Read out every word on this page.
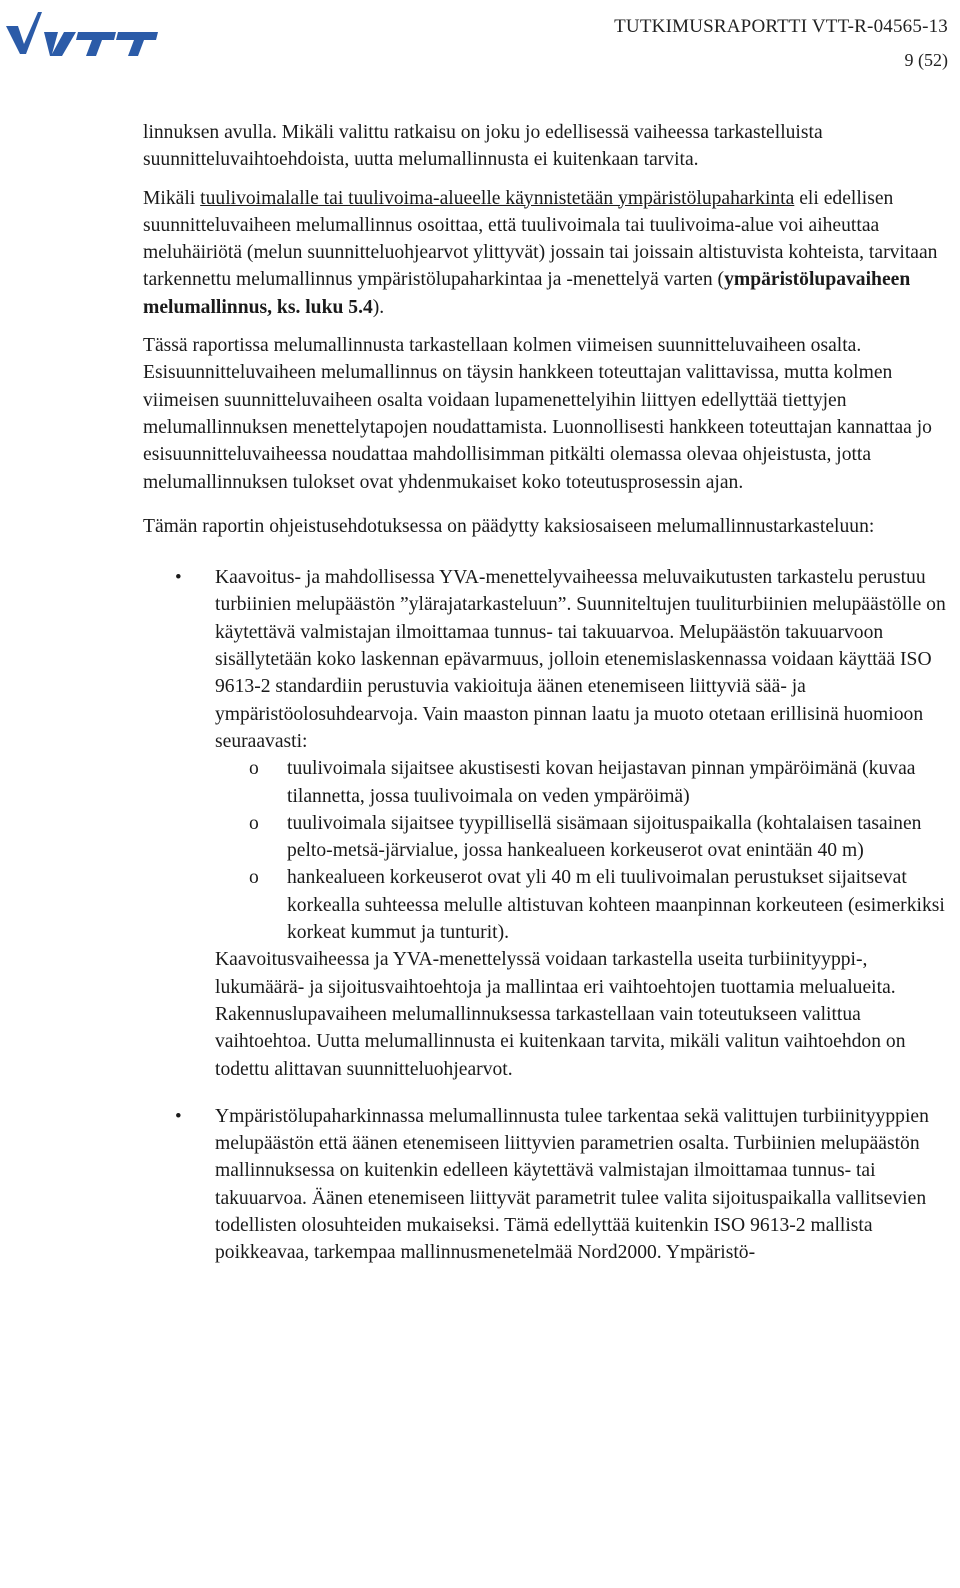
VTT
TUTKIMUSRAPORTTI VTT-R-04565-13
9 (52)

linnuksen avulla. Mikäli valittu ratkaisu on joku jo edellisessä vaiheessa tarkastelluista suunnitteluvaihtoehdoista, uutta melumallinnusta ei kuitenkaan tarvita.

Mikäli tuulivoimalalle tai tuulivoima-alueelle käynnistetään ympäristölupaharkinta eli edellisen suunnitteluvaiheen melumallinnus osoittaa, että tuulivoimala tai tuulivoima-alue voi aiheuttaa meluhäiriötä (melun suunnitteluohjearvot ylittyvät) jossain tai joissain altistuvista kohteista, tarvitaan tarkennettu melumallinnus ympäristölupaharkintaa ja -menettelyä varten (ympäristölupavaiheen melumallinnus, ks. luku 5.4).

Tässä raportissa melumallinnusta tarkastellaan kolmen viimeisen suunnitteluvaiheen osalta. Esisuunnitteluvaiheen melumallinnus on täysin hankkeen toteuttajan valittavissa, mutta kolmen viimeisen suunnitteluvaiheen osalta voidaan lupamenettelyihin liittyen edellyttää tiettyjen melumallinnuksen menettelytapojen noudattamista. Luonnollisesti hankkeen toteuttajan kannattaa jo esisuunnitteluvaiheessa noudattaa mahdollisimman pitkälti olemassa olevaa ohjeistusta, jotta melumallinnuksen tulokset ovat yhdenmukaiset koko toteutusprosessin ajan.

Tämän raportin ohjeistusehdotuksessa on päädytty kaksiosaiseen melumallinnustarkasteluun:

• Kaavoitus- ja mahdollisessa YVA-menettelyvaiheessa meluvaikutusten tarkastelu perustuu turbiinien melupäästön ”ylärajatarkasteluun”. Suunniteltujen tuuliturbiinien melupäästölle on käytettävä valmistajan ilmoittamaa tunnus- tai takuuarvoa. Melupäästön takuuarvoon sisällytetään koko laskennan epävarmuus, jolloin etenemislaskennassa voidaan käyttää ISO 9613-2 standardiin perustuvia vakioituja äänen etenemiseen liittyviä sää- ja ympäristöolosuhdearvoja. Vain maaston pinnan laatu ja muoto otetaan erillisinä huomioon seuraavasti:

o tuulivoimala sijaitsee akustisesti kovan heijastavan pinnan ympäröimänä (kuvaa tilannetta, jossa tuulivoimala on veden ympäröimä)
o tuulivoimala sijaitsee tyypillisellä sisämaan sijoituspaikalla (kohtalaisen tasainen pelto-metsä-järvialue, jossa hankealueen korkeuserot ovat enintään 40 m)
o hankealueen korkeuserot ovat yli 40 m eli tuulivoimalan perustukset sijaitsevat korkealla suhteessa melulle altistuvan kohteen maanpinnan korkeuteen (esimerkiksi korkeat kummut ja tunturit).

Kaavoitusvaiheessa ja YVA-menettelyssä voidaan tarkastella useita turbiinityyppi-, lukumäärä- ja sijoitusvaihtoehtoja ja mallintaa eri vaihtoehtojen tuottamia melualueita. Rakennuslupavaiheen melumallinnuksessa tarkastellaan vain toteutukseen valittua vaihtoehtoa. Uutta melumallinnusta ei kuitenkaan tarvita, mikäli valitun vaihtoehdon on todettu alittavan suunnitteluohjearvot.

• Ympäristölupaharkinnassa melumallinnusta tulee tarkentaa sekä valittujen turbiinityyppien melupäästön että äänen etenemiseen liittyvien parametrien osalta. Turbiinien melupäästön mallinnuksessa on kuitenkin edelleen käytettävä valmistajan ilmoittamaa tunnus- tai takuuarvoa. Äänen etenemiseen liittyvät parametrit tulee valita sijoituspaikalla vallitsevien todellisten olosuhteiden mukaiseksi. Tämä edellyttää kuitenkin ISO 9613-2 mallista poikkeavaa, tarkempaa mallinnusmenetelmää Nord2000. Ympäristö-
